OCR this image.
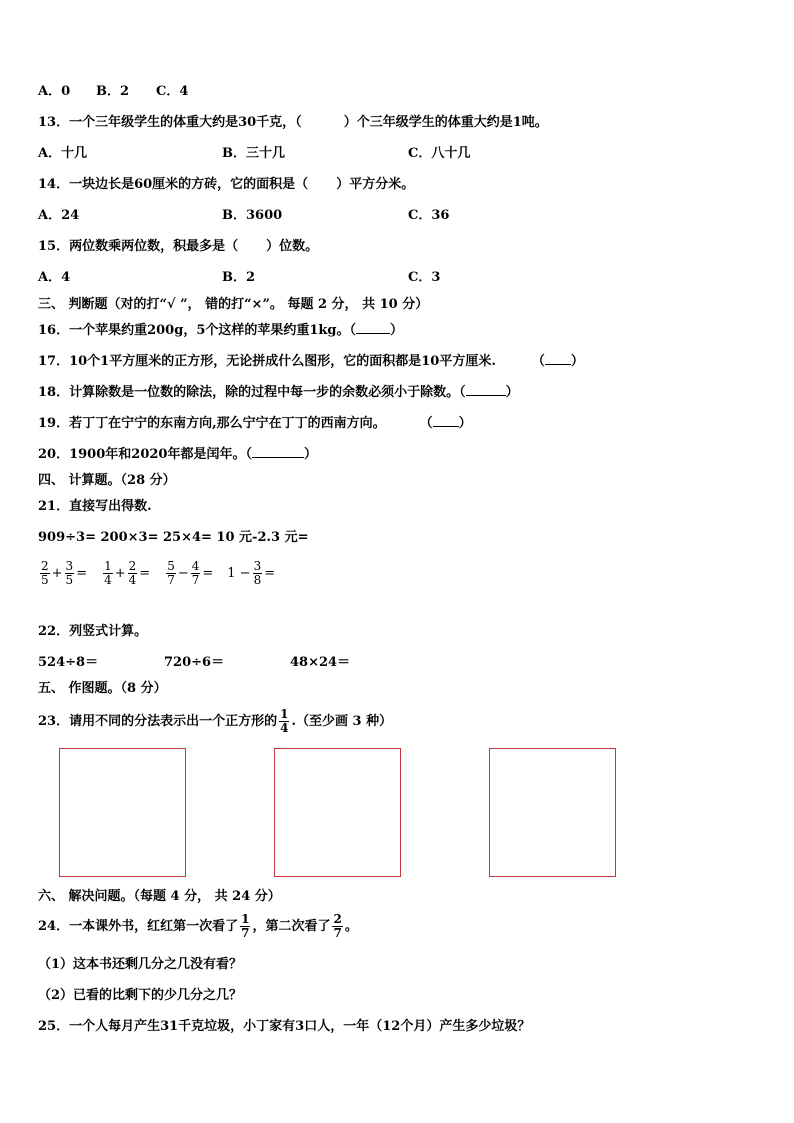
A．0 B．2 C．4
13．一个三年级学生的体重大约是30千克，（	）个三年级学生的体重大约是1吨。
A．十几	B．三十几	C．八十几
14．一块边长是60厘米的方砖，它的面积是（ ）平方分米。
A．24	B．3600	C．36
15．两位数乘两位数，积最多是（ ）位数。
A．4	B．2	C．3
三、 判断题（对的打“√ ”， 错的打“×”。 每题 2 分， 共 10 分）
16．一个苹果约重200g，5个这样的苹果约重1kg。（	）
17．10个1平方厘米的正方形，无论拼成什么图形，它的面积都是10平方厘米.	（ ）
18．计算除数是一位数的除法，除的过程中每一步的余数必须小于除数。（	）
19．若丁丁在宁宁的东南方向,那么宁宁在丁丁的西南方向。	（ ）
20．1900年和2020年都是闰年。（	）
四、 计算题。（28 分）
21．直接写出得数.
909÷3= 200×3= 25×4= 10 元-2.3 元=
$\frac{2}{5} + \frac{3}{5} = \frac{1}{4} + \frac{2}{4} = \frac{5}{7} - \frac{4}{7} = 1 - \frac{3}{8}$ =
22．列竖式计算。
524÷8＝	720÷6＝	48×24＝
五、 作图题。（8 分）
23．请用不同的分法表示出一个正方形的 $\frac{1}{4}$ .（至少画 3 种）
六、 解决问题。（每题 4 分， 共 24 分）
24．一本课外书，红红第一次看了 $\frac{1}{7}$ ，第二次看了 $\frac{2}{7}$ 。
（1）这本书还剩几分之几没有看？
（2）已看的比剩下的少几分之几？
25．一个人每月产生31千克垃圾，小丁家有3口人，一年（12个月）产生多少垃圾？
